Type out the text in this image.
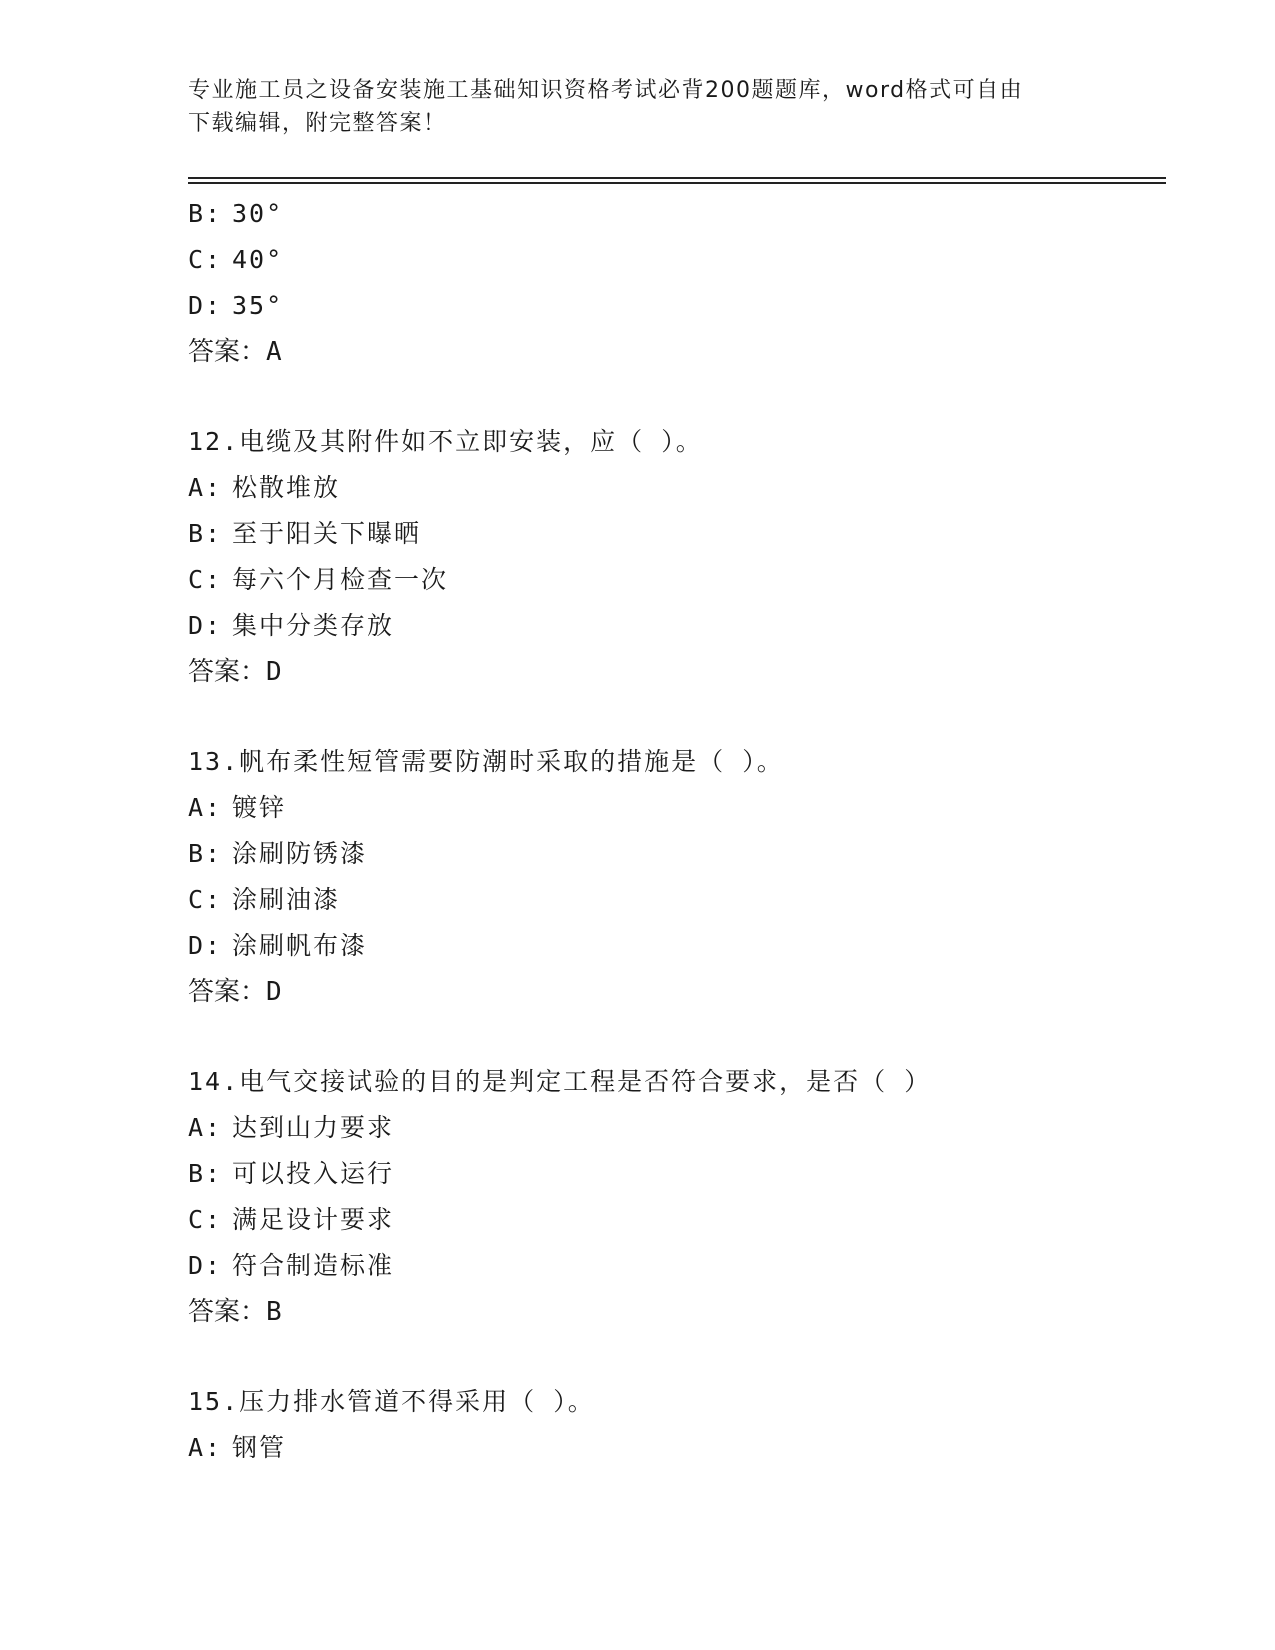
专业施工员之设备安装施工基础知识资格考试必背200题题库，word格式可自由
下载编辑，附完整答案！
B: 30°
C: 40°
D: 35°
答案：A
12.电缆及其附件如不立即安装，应（ ）。
A: 松散堆放
B: 至于阳关下曝晒
C: 每六个月检查一次
D: 集中分类存放
答案：D
13.帆布柔性短管需要防潮时采取的措施是（ ）。
A: 镀锌
B: 涂刷防锈漆
C: 涂刷油漆
D: 涂刷帆布漆
答案：D
14.电气交接试验的目的是判定工程是否符合要求，是否（ ）
A: 达到山力要求
B: 可以投入运行
C: 满足设计要求
D: 符合制造标准
答案：B
15.压力排水管道不得采用（ ）。
A: 钢管
